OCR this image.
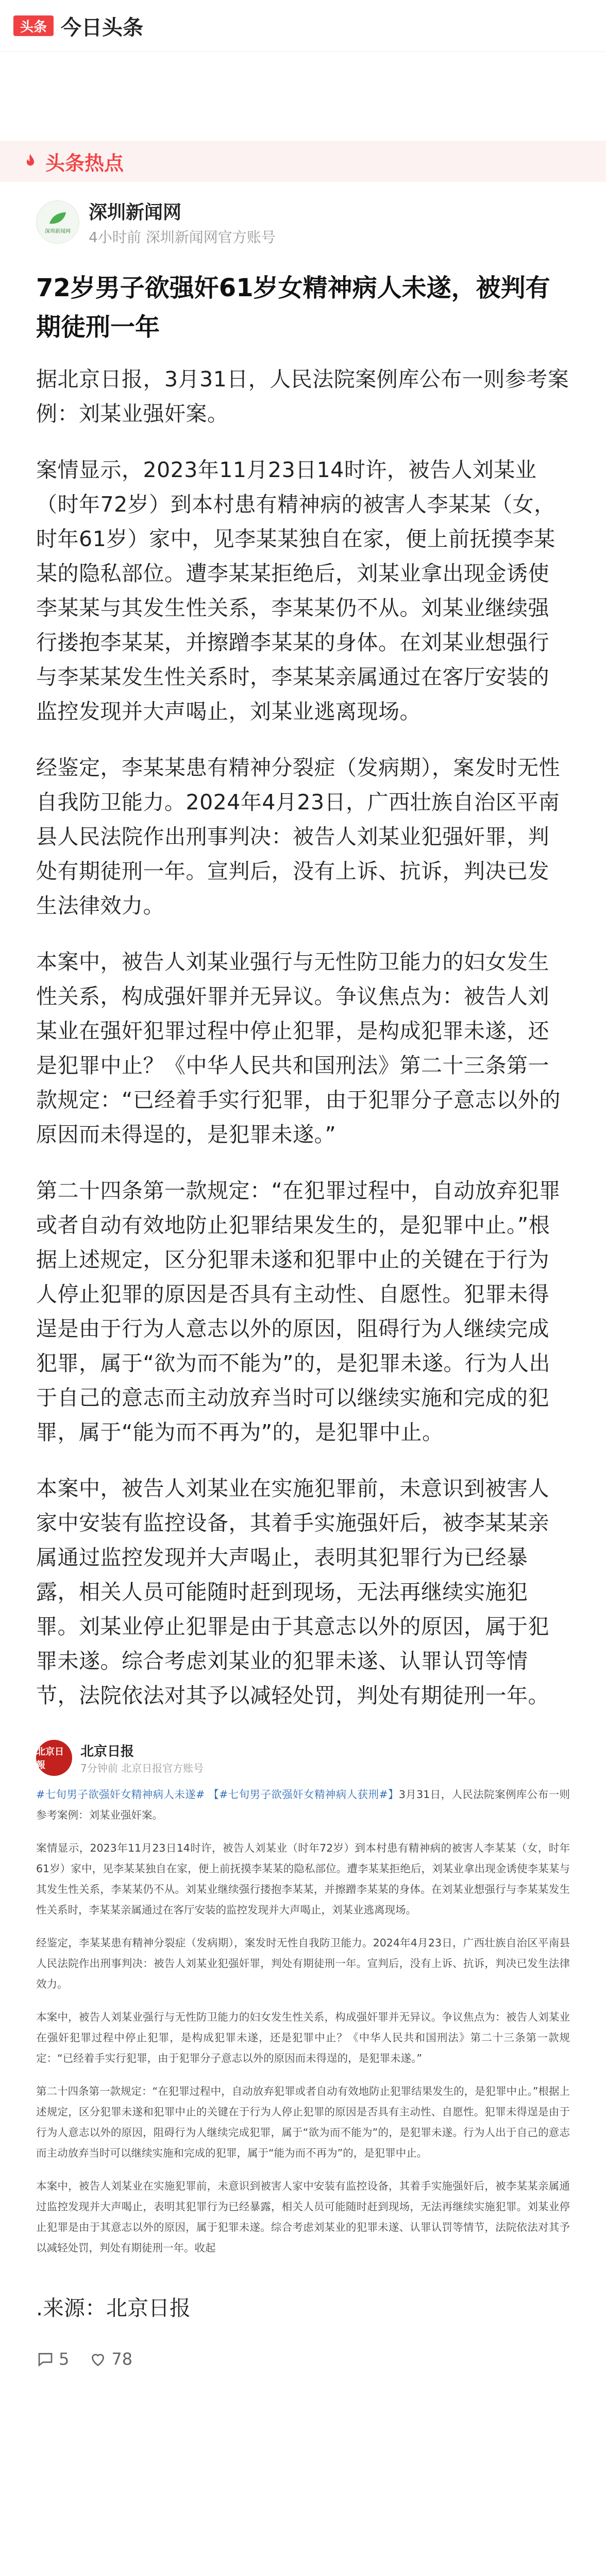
头条 今日头条
头条热点
深圳新闻网
深圳新闻网
4小时前 深圳新闻网官方账号
72岁男子欲强奸61岁女精神病人未遂，被判有期徒刑一年

据北京日报，3月31日，人民法院案例库公布一则参考案例：刘某业强奸案。

案情显示，2023年11月23日14时许，被告人刘某业（时年72岁）到本村患有精神病的被害人李某某（女，时年61岁）家中，见李某某独自在家，便上前抚摸李某某的隐私部位。遭李某某拒绝后，刘某业拿出现金诱使李某某与其发生性关系，李某某仍不从。刘某业继续强行搂抱李某某，并擦蹭李某某的身体。在刘某业想强行与李某某发生性关系时，李某某亲属通过在客厅安装的监控发现并大声喝止，刘某业逃离现场。

经鉴定，李某某患有精神分裂症（发病期），案发时无性自我防卫能力。2024年4月23日，广西壮族自治区平南县人民法院作出刑事判决：被告人刘某业犯强奸罪，判处有期徒刑一年。宣判后，没有上诉、抗诉，判决已发生法律效力。

本案中，被告人刘某业强行与无性防卫能力的妇女发生性关系，构成强奸罪并无异议。争议焦点为：被告人刘某业在强奸犯罪过程中停止犯罪，是构成犯罪未遂，还是犯罪中止？《中华人民共和国刑法》第二十三条第一款规定：“已经着手实行犯罪，由于犯罪分子意志以外的原因而未得逞的，是犯罪未遂。”

第二十四条第一款规定：“在犯罪过程中，自动放弃犯罪或者自动有效地防止犯罪结果发生的，是犯罪中止。”根据上述规定，区分犯罪未遂和犯罪中止的关键在于行为人停止犯罪的原因是否具有主动性、自愿性。犯罪未得逞是由于行为人意志以外的原因，阻碍行为人继续完成犯罪，属于“欲为而不能为”的，是犯罪未遂。行为人出于自己的意志而主动放弃当时可以继续实施和完成的犯罪，属于“能为而不再为”的，是犯罪中止。

本案中，被告人刘某业在实施犯罪前，未意识到被害人家中安装有监控设备，其着手实施强奸后，被李某某亲属通过监控发现并大声喝止，表明其犯罪行为已经暴露，相关人员可能随时赶到现场，无法再继续实施犯罪。刘某业停止犯罪是由于其意志以外的原因，属于犯罪未遂。综合考虑刘某业的犯罪未遂、认罪认罚等情节，法院依法对其予以减轻处罚，判处有期徒刑一年。

北京日報
北京日报
7分钟前 北京日报官方账号

#七旬男子欲强奸女精神病人未遂# 【#七旬男子欲强奸女精神病人获刑#】3月31日，人民法院案例库公布一则参考案例：刘某业强奸案。

案情显示，2023年11月23日14时许，被告人刘某业（时年72岁）到本村患有精神病的被害人李某某（女，时年61岁）家中，见李某某独自在家，便上前抚摸李某某的隐私部位。遭李某某拒绝后，刘某业拿出现金诱使李某某与其发生性关系，李某某仍不从。刘某业继续强行搂抱李某某，并擦蹭李某某的身体。在刘某业想强行与李某某发生性关系时，李某某亲属通过在客厅安装的监控发现并大声喝止，刘某业逃离现场。

经鉴定，李某某患有精神分裂症（发病期），案发时无性自我防卫能力。2024年4月23日，广西壮族自治区平南县人民法院作出刑事判决：被告人刘某业犯强奸罪，判处有期徒刑一年。宣判后，没有上诉、抗诉，判决已发生法律效力。

本案中，被告人刘某业强行与无性防卫能力的妇女发生性关系，构成强奸罪并无异议。争议焦点为：被告人刘某业在强奸犯罪过程中停止犯罪，是构成犯罪未遂，还是犯罪中止？《中华人民共和国刑法》第二十三条第一款规定：“已经着手实行犯罪，由于犯罪分子意志以外的原因而未得逞的，是犯罪未遂。”

第二十四条第一款规定：“在犯罪过程中，自动放弃犯罪或者自动有效地防止犯罪结果发生的，是犯罪中止。”根据上述规定，区分犯罪未遂和犯罪中止的关键在于行为人停止犯罪的原因是否具有主动性、自愿性。犯罪未得逞是由于行为人意志以外的原因，阻碍行为人继续完成犯罪，属于“欲为而不能为”的，是犯罪未遂。行为人出于自己的意志而主动放弃当时可以继续实施和完成的犯罪，属于“能为而不再为”的，是犯罪中止。

本案中，被告人刘某业在实施犯罪前，未意识到被害人家中安装有监控设备，其着手实施强奸后，被李某某亲属通过监控发现并大声喝止，表明其犯罪行为已经暴露，相关人员可能随时赶到现场，无法再继续实施犯罪。刘某业停止犯罪是由于其意志以外的原因，属于犯罪未遂。综合考虑刘某业的犯罪未遂、认罪认罚等情节，法院依法对其予以减轻处罚，判处有期徒刑一年。收起

.来源：北京日报

5	78
